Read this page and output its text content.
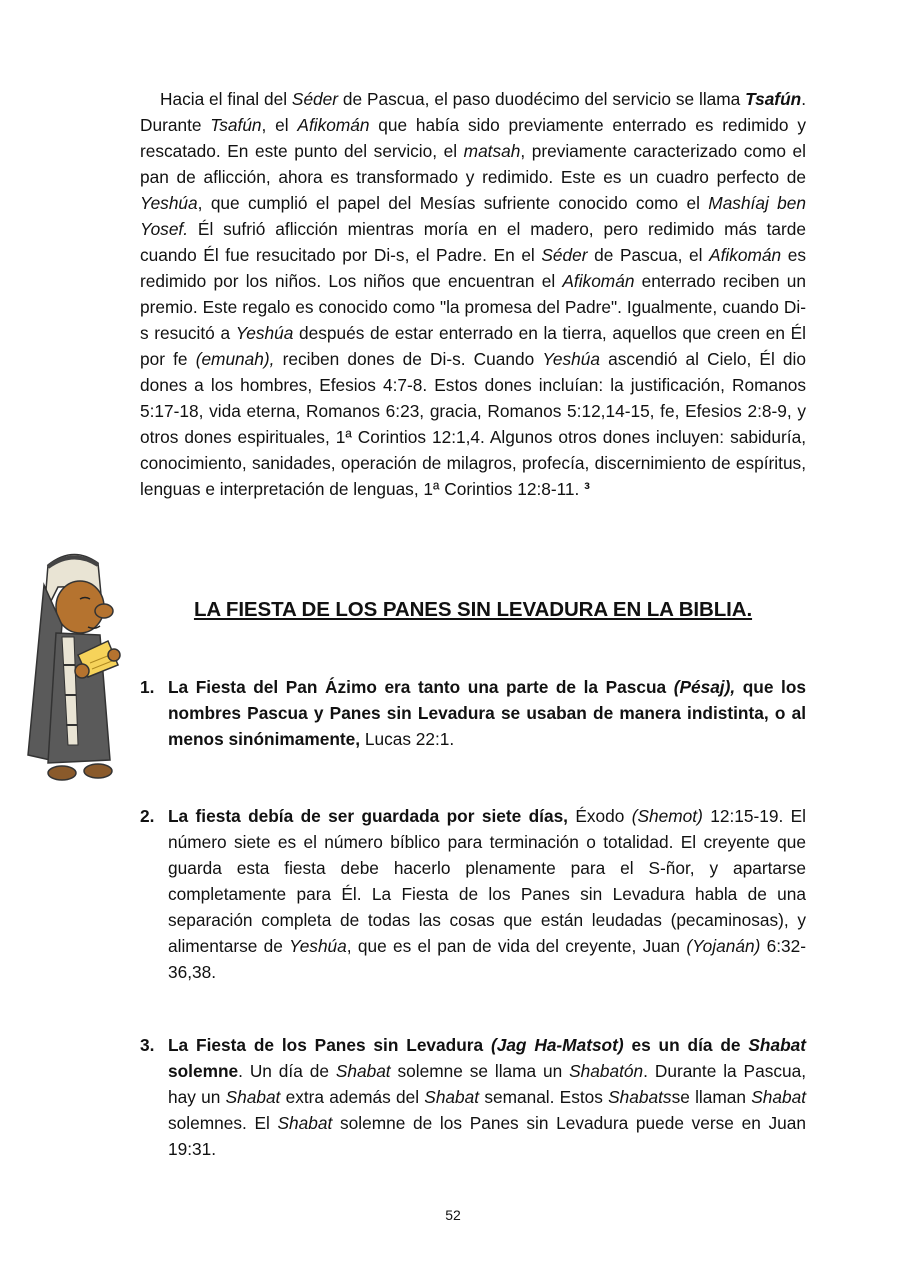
Hacia el final del Séder de Pascua, el paso duodécimo del servicio se llama Tsafún. Durante Tsafún, el Afikomán que había sido previamente enterrado es redimido y rescatado. En este punto del servicio, el matsah, previamente caracterizado como el pan de aflicción, ahora es transformado y redimido. Este es un cuadro perfecto de Yeshúa, que cumplió el papel del Mesías sufriente conocido como el Mashíaj ben Yosef. Él sufrió aflicción mientras moría en el madero, pero redimido más tarde cuando Él fue resucitado por Di-s, el Padre. En el Séder de Pascua, el Afikomán es redimido por los niños. Los niños que encuentran el Afikomán enterrado reciben un premio. Este regalo es conocido como "la promesa del Padre". Igualmente, cuando Di-s resucitó a Yeshúa después de estar enterrado en la tierra, aquellos que creen en Él por fe (emunah), reciben dones de Di-s. Cuando Yeshúa ascendió al Cielo, Él dio dones a los hombres, Efesios 4:7-8. Estos dones incluían: la justificación, Romanos 5:17-18, vida eterna, Romanos 6:23, gracia, Romanos 5:12,14-15, fe, Efesios 2:8-9, y otros dones espirituales, 1ª Corintios 12:1,4. Algunos otros dones incluyen: sabiduría, conocimiento, sanidades, operación de milagros, profecía, discernimiento de espíritus, lenguas e interpretación de lenguas, 1ª Corintios 12:8-11. ³

LA FIESTA DE LOS PANES SIN LEVADURA EN LA BIBLIA.
1. La Fiesta del Pan Ázimo era tanto una parte de la Pascua (Pésaj), que los nombres Pascua y Panes sin Levadura se usaban de manera indistinta, o al menos sinónimamente, Lucas 22:1.
2. La fiesta debía de ser guardada por siete días, Éxodo (Shemot) 12:15-19. El número siete es el número bíblico para terminación o totalidad. El creyente que guarda esta fiesta debe hacerlo plenamente para el S-ñor, y apartarse completamente para Él. La Fiesta de los Panes sin Levadura habla de una separación completa de todas las cosas que están leudadas (pecaminosas), y alimentarse de Yeshúa, que es el pan de vida del creyente, Juan (Yojanán) 6:32-36,38.
3. La Fiesta de los Panes sin Levadura (Jag Ha-Matsot) es un día de Shabat solemne. Un día de Shabat solemne se llama un Shabatón. Durante la Pascua, hay un Shabat extra además del Shabat semanal. Estos Shabatsse llaman Shabat solemnes. El Shabat solemne de los Panes sin Levadura puede verse en Juan 19:31.
52
